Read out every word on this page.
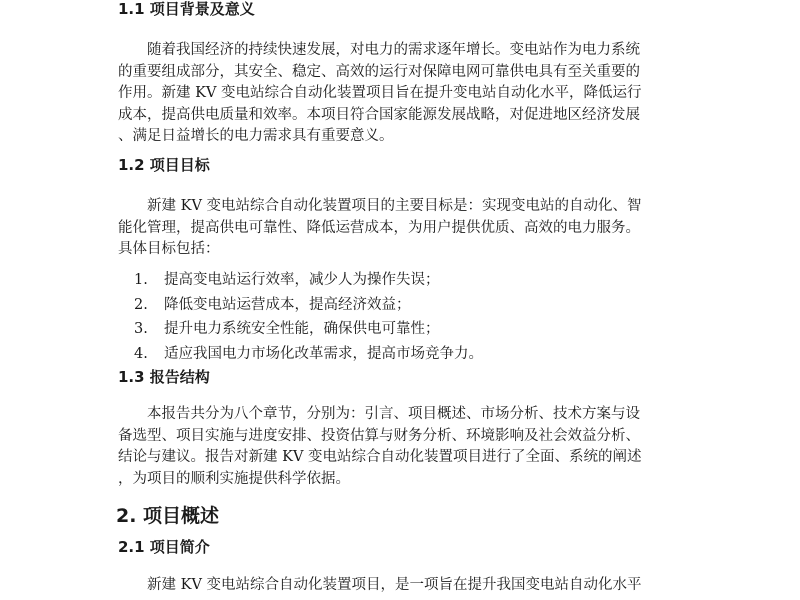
1.1 项目背景及意义
　　随着我国经济的持续快速发展，对电力的需求逐年增长。变电站作为电力系统
的重要组成部分，其安全、稳定、高效的运行对保障电网可靠供电具有至关重要的
作用。新建 KV 变电站综合自动化装置项目旨在提升变电站自动化水平，降低运行
成本，提高供电质量和效率。本项目符合国家能源发展战略，对促进地区经济发展
、满足日益增长的电力需求具有重要意义。
1.2 项目目标
　　新建 KV 变电站综合自动化装置项目的主要目标是：实现变电站的自动化、智
能化管理，提高供电可靠性、降低运营成本，为用户提供优质、高效的电力服务。
具体目标包括：
1. 提高变电站运行效率，减少人为操作失误；
2. 降低变电站运营成本，提高经济效益；
3. 提升电力系统安全性能，确保供电可靠性；
4. 适应我国电力市场化改革需求，提高市场竞争力。
1.3 报告结构
　　本报告共分为八个章节，分别为：引言、项目概述、市场分析、技术方案与设
备选型、项目实施与进度安排、投资估算与财务分析、环境影响及社会效益分析、
结论与建议。报告对新建 KV 变电站综合自动化装置项目进行了全面、系统的阐述
，为项目的顺利实施提供科学依据。
2. 项目概述
2.1 项目简介
　　新建 KV 变电站综合自动化装置项目，是一项旨在提升我国变电站自动化水平
